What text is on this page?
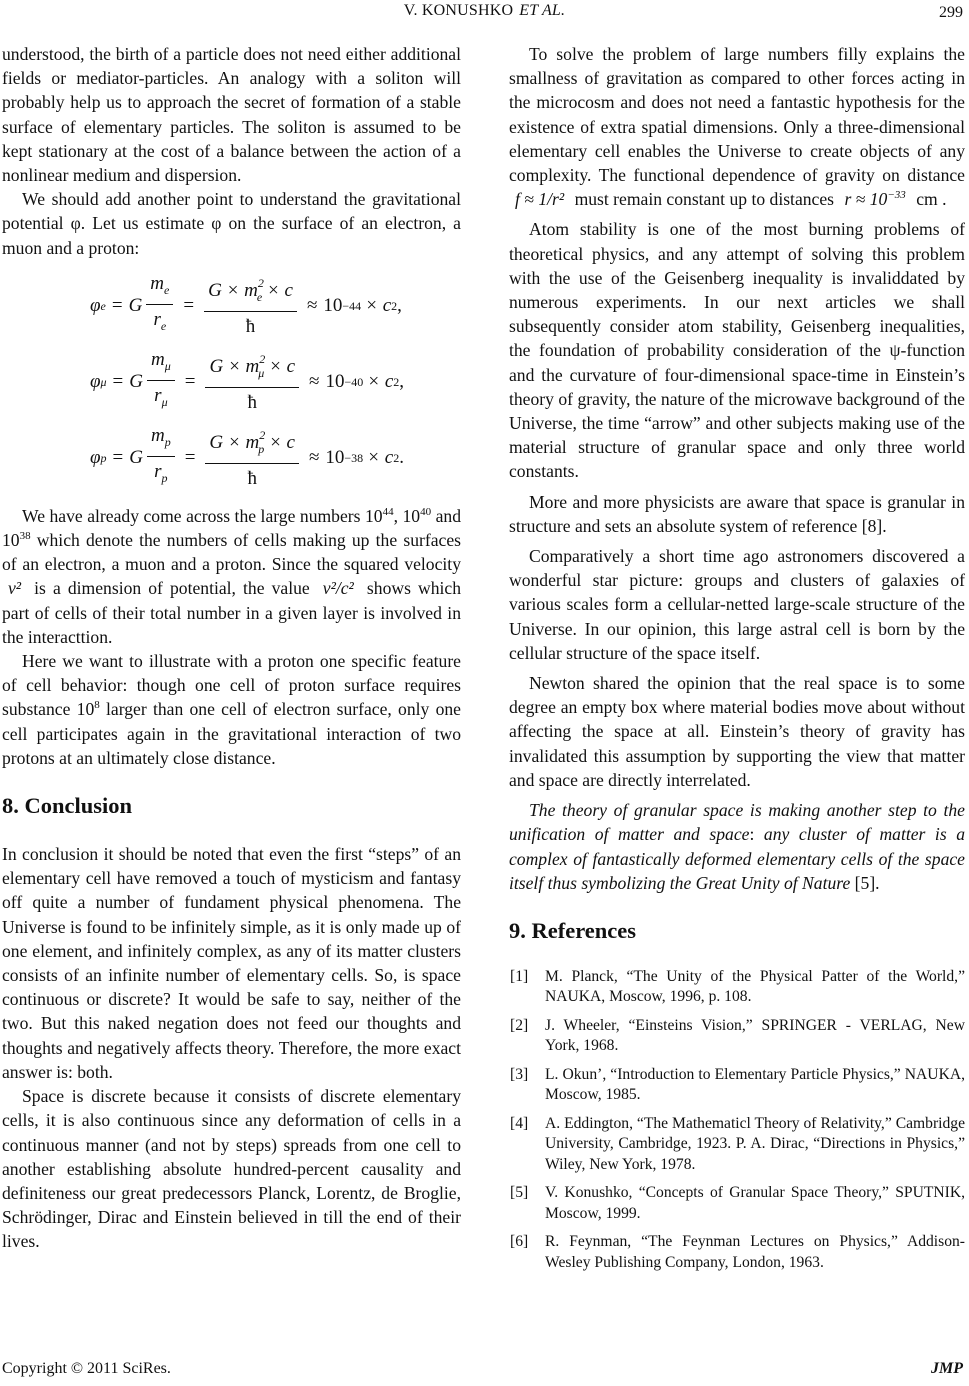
V. KONUSHKO ET AL.	299

understood, the birth of a particle does not need either additional fields or mediator-particles. An analogy with a soliton will probably help us to approach the secret of formation of a stable surface of elementary particles. The soliton is assumed to be kept stationary at the cost of a balance between the action of a nonlinear medium and dispersion.

We should add another point to understand the gravitational potential φ. Let us estimate φ on the surface of an electron, a muon and a proton:

φ e = G $\frac{m_e}{r_e} = \frac{G \times m^2_e \times c}{ħ} \approx 10 -44 \times c$ 2 ,
φ μ = G $\frac{m_\mu}{r_\mu} = \frac{G \times m^2_\mu \times c}{ħ} \approx 10 -40 \times c$ 2 ,
φ p = G $\frac{m_p}{r_p} = \frac{G \times m^2_p \times c}{ħ} \approx 10 -38 \times c$ 2 .

We have already come across the large numbers $10^{44}$, $10^{40}$ and $10^{38}$ which denote the numbers of cells making up the surfaces of an electron, a muon and a proton. Since the squared velocity v² is a dimension of potential, the value v²/c² shows which part of cells of their total number in a given layer is involved in the interacttion.

Here we want to illustrate with a proton one specific feature of cell behavior: though one cell of proton surface requires substance $10^8$ larger than one cell of electron surface, only one cell participates again in the gravitational interaction of two protons at an ultimately close distance.

8. Conclusion

In conclusion it should be noted that even the first “steps” of an elementary cell have removed a touch of mysticism and fantasy off quite a number of fundament physical phenomena. The Universe is found to be infinitely simple, as it is only made up of one element, and infinitely complex, as any of its matter clusters consists of an infinite number of elementary cells. So, is space continuous or discrete? It would be safe to say, neither of the two. But this naked negation does not feed our thoughts and thoughts and negatively affects theory. Therefore, the more exact answer is: both.

Space is discrete because it consists of discrete elementary cells, it is also continuous since any deformation of cells in a continuous manner (and not by steps) spreads from one cell to another establishing absolute hundred-percent causality and definiteness our great predecessors Planck, Lorentz, de Broglie, Schrödinger, Dirac and Einstein believed in till the end of their lives.

To solve the problem of large numbers filly explains the smallness of gravitation as compared to other forces acting in the microcosm and does not need a fantastic hypothesis for the existence of extra spatial dimensions. Only a three-dimensional elementary cell enables the Universe to create objects of any complexity. The functional dependence of gravity on distance f ≈ 1/r² must remain constant up to distances $r \approx 10^{-33}$ cm .

Atom stability is one of the most burning problems of theoretical physics, and any attempt of solving this problem with the use of the Geisenberg inequality is invaliddated by numerous experiments. In our next articles we shall subsequently consider atom stability, Geisenberg inequalities, the foundation of probability consideration of the ψ-function and the curvature of four-dimensional space-time in Einstein’s theory of gravity, the nature of the microwave background of the Universe, the time “arrow” and other subjects making use of the material structure of granular space and only three world constants.

More and more physicists are aware that space is granular in structure and sets an absolute system of reference [8].

Comparatively a short time ago astronomers discovered a wonderful star picture: groups and clusters of galaxies of various scales form a cellular-netted large-scale structure of the Universe. In our opinion, this large astral cell is born by the cellular structure of the space itself.

Newton shared the opinion that the real space is to some degree an empty box where material bodies move about without affecting the space at all. Einstein’s theory of gravity has invalidated this assumption by supporting the view that matter and space are directly interrelated.

The theory of granular space is making another step to the unification of matter and space: any cluster of matter is a complex of fantastically deformed elementary cells of the space itself thus symbolizing the Great Unity of Nature [5].

9. References
[1]	M. Planck, “The Unity of the Physical Patter of the World,” NAUKA, Moscow, 1996, p. 108.
[2]	J. Wheeler, “Einsteins Vision,” SPRINGER - VERLAG, New York, 1968.
[3]	L. Okun’, “Introduction to Elementary Particle Physics,” NAUKA, Moscow, 1985.
[4]	A. Eddington, “The Mathematicl Theory of Relativity,” Cambridge University, Cambridge, 1923. P. A. Dirac, “Directions in Physics,” Wiley, New York, 1978.
[5]	V. Konushko, “Concepts of Granular Space Theory,” SPUTNIK, Moscow, 1999.
[6]	R. Feynman, “The Feynman Lectures on Physics,” Addison-Wesley Publishing Company, London, 1963.
Copyright © 2011 SciRes.	JMP
